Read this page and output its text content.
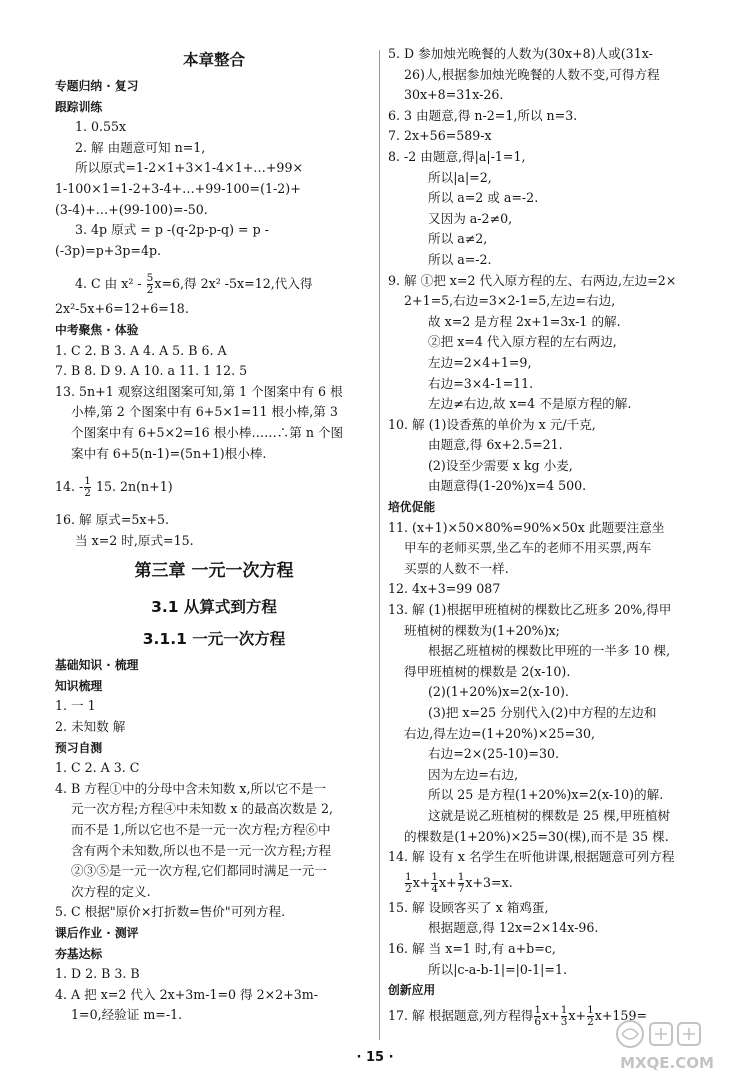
本章整合
专题归纳 · 复习
跟踪训练
1. 0.55x
2. 解 由题意可知 n=1,
所以原式=1-2×1+3×1-4×1+…+99×
1-100×1=1-2+3-4+…+99-100=(1-2)+
(3-4)+…+(99-100)=-50.
3. 4p 原式 = p -(q-2p-p-q) = p -
(-3p)=p+3p=4p.
4. C 由 $x^2 - \frac{5}{2} x=6$,得 2x² -5x=12,代入得
2x²-5x+6=12+6=18.
中考聚焦 · 体验
1. C 2. B 3. A 4. A 5. B 6. A
7. B 8. D 9. A 10. a 11. 1 12. 5
13. 5n+1 观察这组图案可知,第 1 个图案中有 6 根
小棒,第 2 个图案中有 6+5×1=11 根小棒,第 3
个图案中有 6+5×2=16 根小棒……∴第 n 个图
案中有 6+5(n-1)=(5n+1)根小棒.
14. - $\frac{1}{2} 15$. 2n(n+1)
16. 解 原式=5x+5.
当 x=2 时,原式=15.
第三章 一元一次方程
3.1 从算式到方程
3.1.1 一元一次方程
基础知识 · 梳理
知识梳理
1. 一 1
2. 未知数 解
预习自测
1. C 2. A 3. C
4. B 方程①中的分母中含未知数 x,所以它不是一
元一次方程;方程④中未知数 x 的最高次数是 2,
而不是 1,所以它也不是一元一次方程;方程⑥中
含有两个未知数,所以也不是一元一次方程;方程
②③⑤是一元一次方程,它们都同时满足一元一
次方程的定义.
5. C 根据"原价×打折数=售价"可列方程.
课后作业 · 测评
夯基达标
1. D 2. B 3. B
4. A 把 x=2 代入 2x+3m-1=0 得 2×2+3m-
1=0,经验证 m=-1.
5. D 参加烛光晚餐的人数为(30x+8)人或(31x-
26)人,根据参加烛光晚餐的人数不变,可得方程
30x+8=31x-26.
6. 3 由题意,得 n-2=1,所以 n=3.
7. 2x+56=589-x
8. -2 由题意,得|a|-1=1,
所以|a|=2,
所以 a=2 或 a=-2.
又因为 a-2≠0,
所以 a≠2,
所以 a=-2.
9. 解 ①把 x=2 代入原方程的左、右两边,左边=2×
2+1=5,右边=3×2-1=5,左边=右边,
故 x=2 是方程 2x+1=3x-1 的解.
②把 x=4 代入原方程的左右两边,
左边=2×4+1=9,
右边=3×4-1=11.
左边≠右边,故 x=4 不是原方程的解.
10. 解 (1)设香蕉的单价为 x 元/千克,
由题意,得 6x+2.5=21.
(2)设至少需要 x kg 小麦,
由题意得(1-20%)x=4 500.
培优促能
11. (x+1)×50×80%=90%×50x 此题要注意坐
甲车的老师买票,坐乙车的老师不用买票,两车
买票的人数不一样.
12. 4x+3=99 087
13. 解 (1)根据甲班植树的棵数比乙班多 20%,得甲
班植树的棵数为(1+20%)x;
根据乙班植树的棵数比甲班的一半多 10 棵,
得甲班植树的棵数是 2(x-10).
(2)(1+20%)x=2(x-10).
(3)把 x=25 分别代入(2)中方程的左边和
右边,得左边=(1+20%)×25=30,
右边=2×(25-10)=30.
因为左边=右边,
所以 25 是方程(1+20%)x=2(x-10)的解.
这就是说乙班植树的棵数是 25 棵,甲班植树
的棵数是(1+20%)×25=30(棵),而不是 35 棵.
14. 解 设有 x 名学生在听他讲课,根据题意可列方程
$\frac{1}{2} x+ \frac{1}{4} x+ \frac{1}{7} x+3=x$.
15. 解 设顾客买了 x 箱鸡蛋,
根据题意,得 12x=2×14x-96.
16. 解 当 x=1 时,有 a+b=c,
所以|c-a-b-1|=|0-1|=1.
创新应用
17. 解 根据题意,列方程得 $\frac{1}{6} x+ \frac{1}{3} x+ \frac{1}{2} x+159=$
· 15 ·	MXQE.COM
